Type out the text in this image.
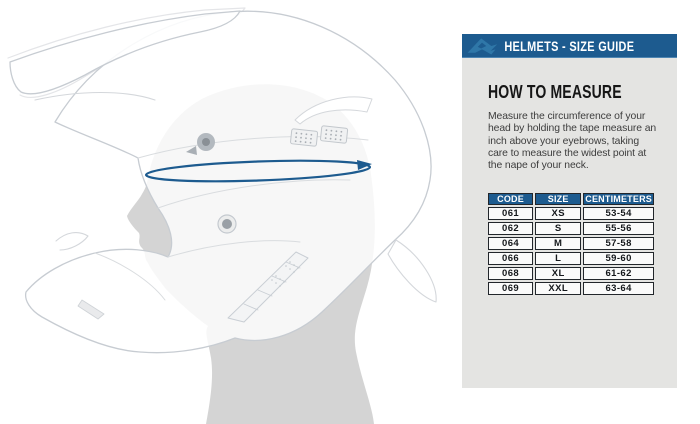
HELMETS - SIZE GUIDE
HOW TO MEASURE

Measure the circumference of your head by holding the tape measure an inch above your eyebrows, taking care to measure the widest point at the nape of your neck.

CODE	SIZE	CENTIMETERS
061	XS	53-54
062	S	55-56
064	M	57-58
066	L	59-60
068	XL	61-62
069	XXL	63-64
